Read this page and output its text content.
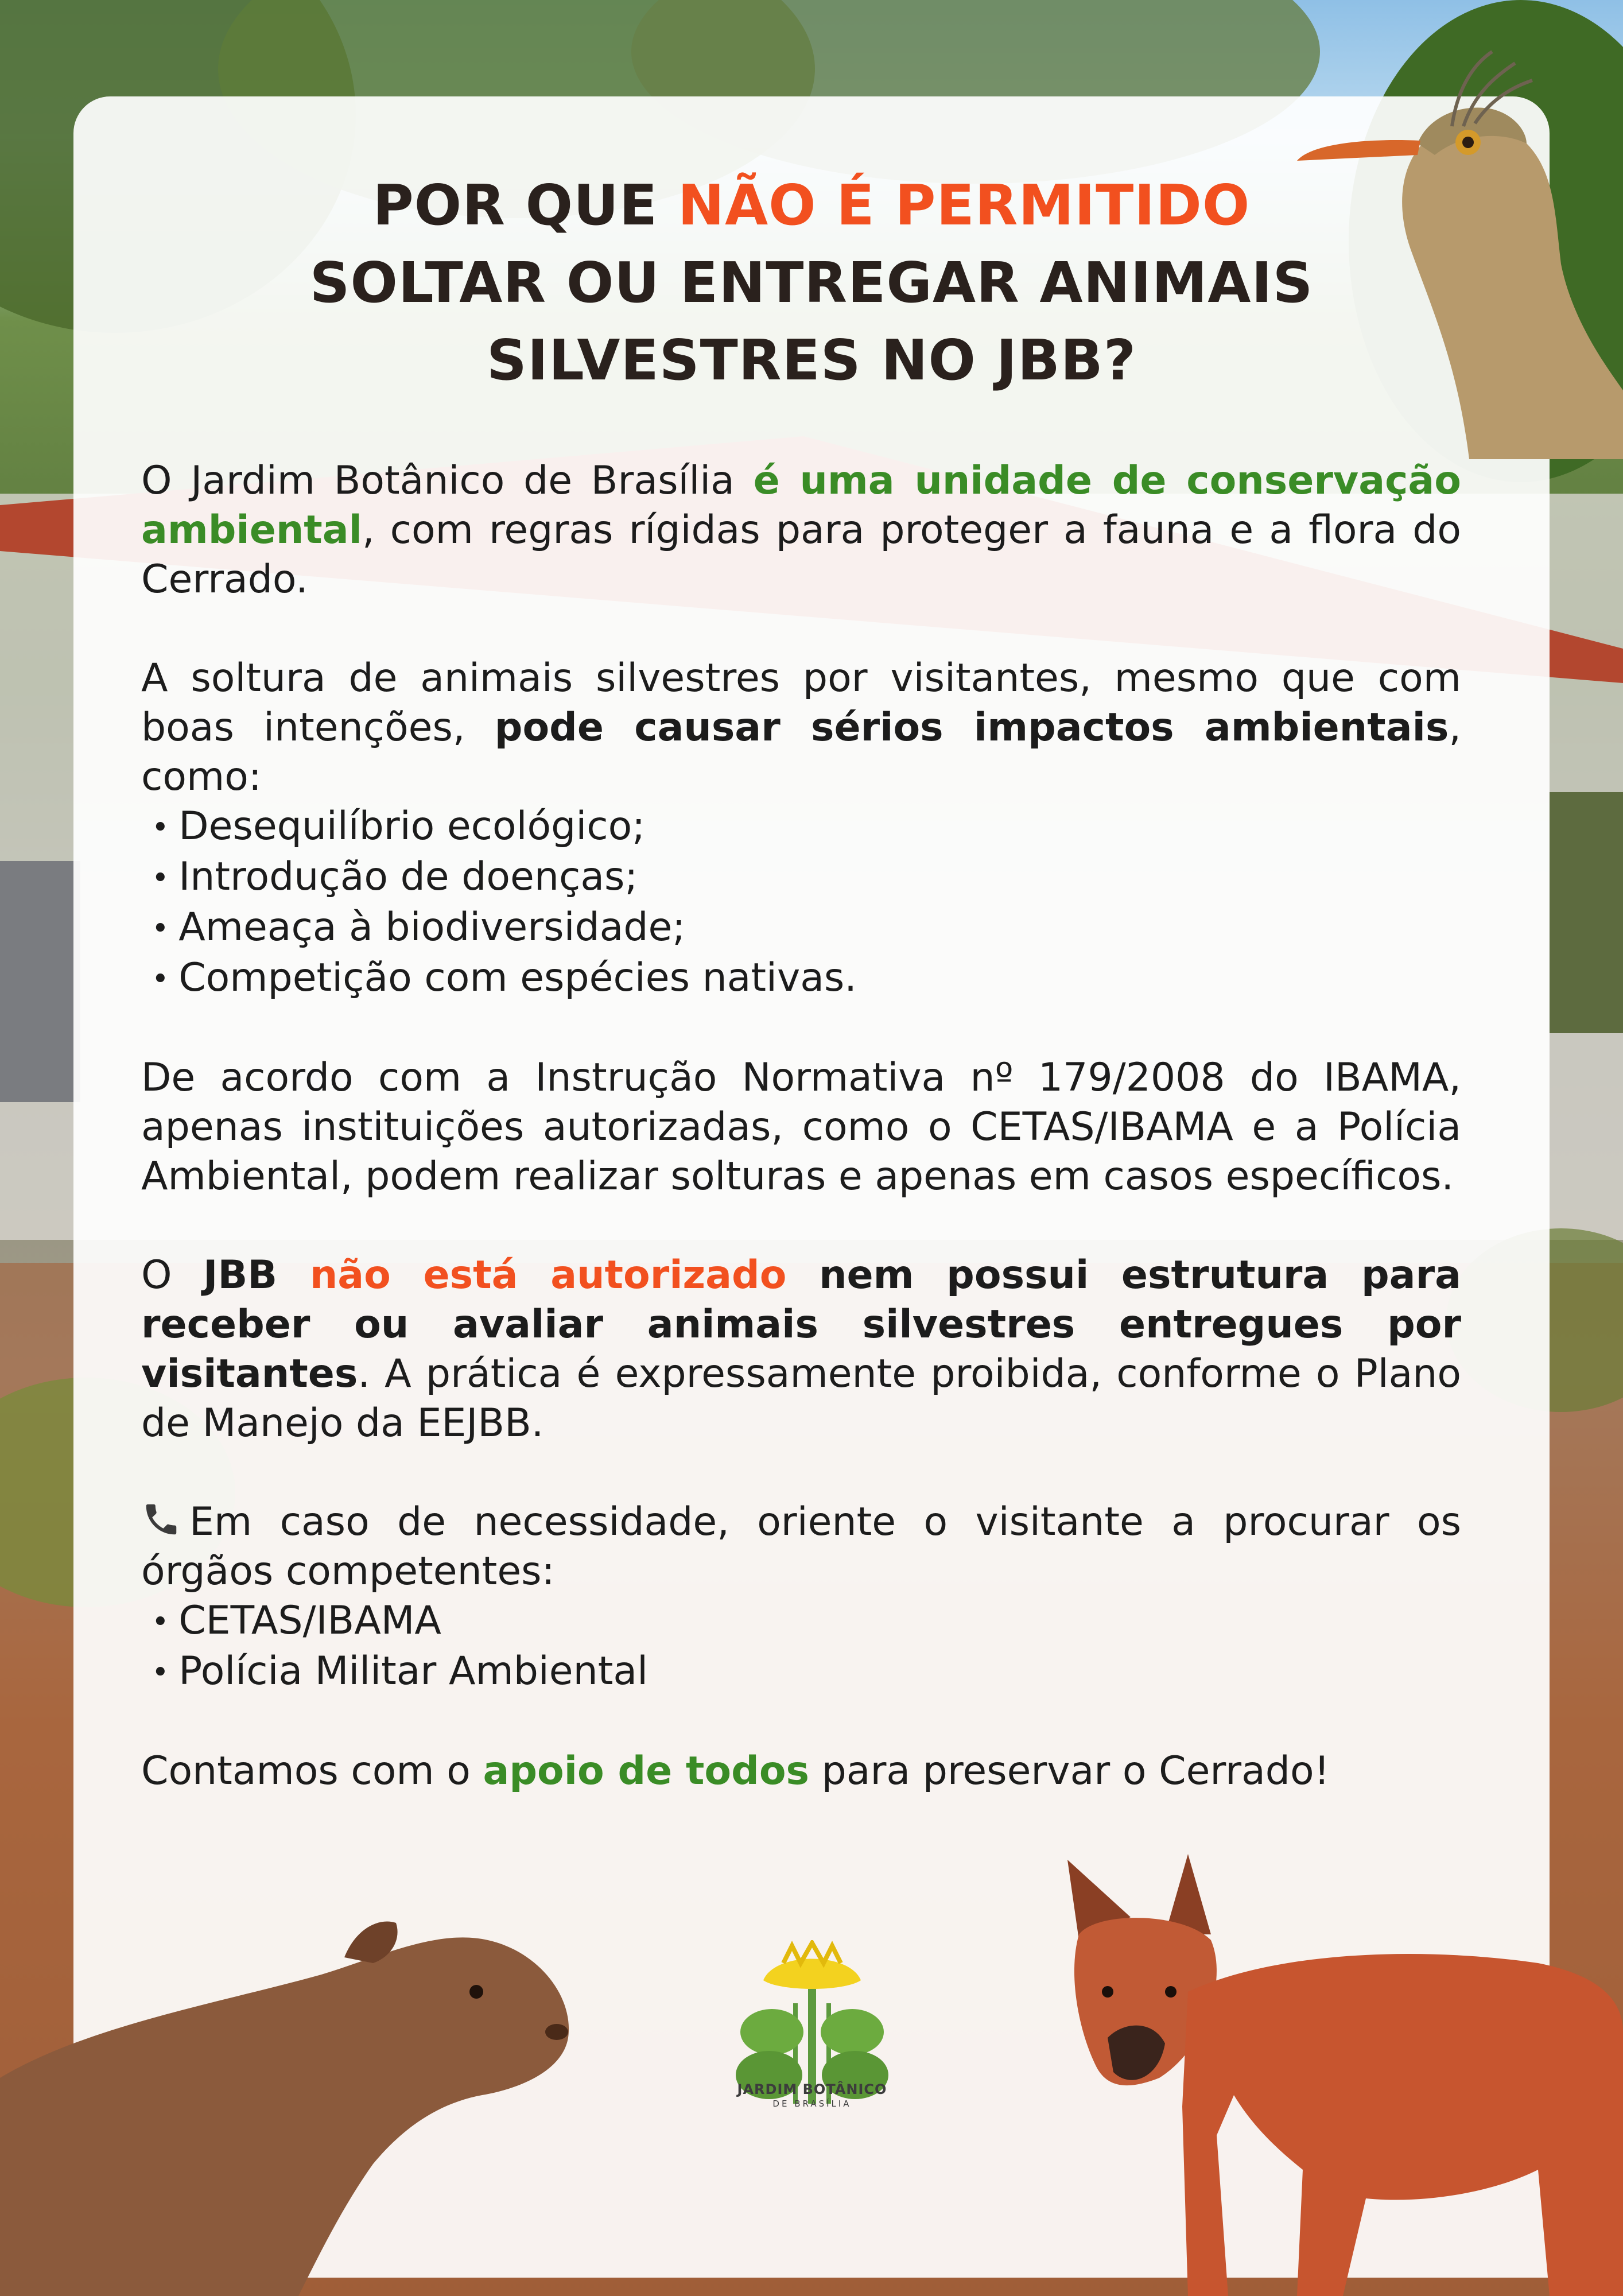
POR QUE NÃO É PERMITIDO
SOLTAR OU ENTREGAR ANIMAIS
SILVESTRES NO JBB?

O Jardim Botânico de Brasília é uma unidade de conservação ambiental, com regras rígidas para proteger a fauna e a flora do Cerrado.

A soltura de animais silvestres por visitantes, mesmo que com boas intenções, pode causar sérios impactos ambientais, como:

• Desequilíbrio ecológico;
• Introdução de doenças;
• Ameaça à biodiversidade;
• Competição com espécies nativas.

De acordo com a Instrução Normativa nº 179/2008 do IBAMA, apenas instituições autorizadas, como o CETAS/IBAMA e a Polícia Ambiental, podem realizar solturas e apenas em casos específicos.

O JBB não está autorizado nem possui estrutura para receber ou avaliar animais silvestres entregues por visitantes. A prática é expressamente proibida, conforme o Plano de Manejo da EEJBB.

Em caso de necessidade, oriente o visitante a procurar os órgãos competentes:

• CETAS/IBAMA
• Polícia Militar Ambiental

Contamos com o apoio de todos para preservar o Cerrado!

JARDIM BOTÂNICO
DE BRASÍLIA
